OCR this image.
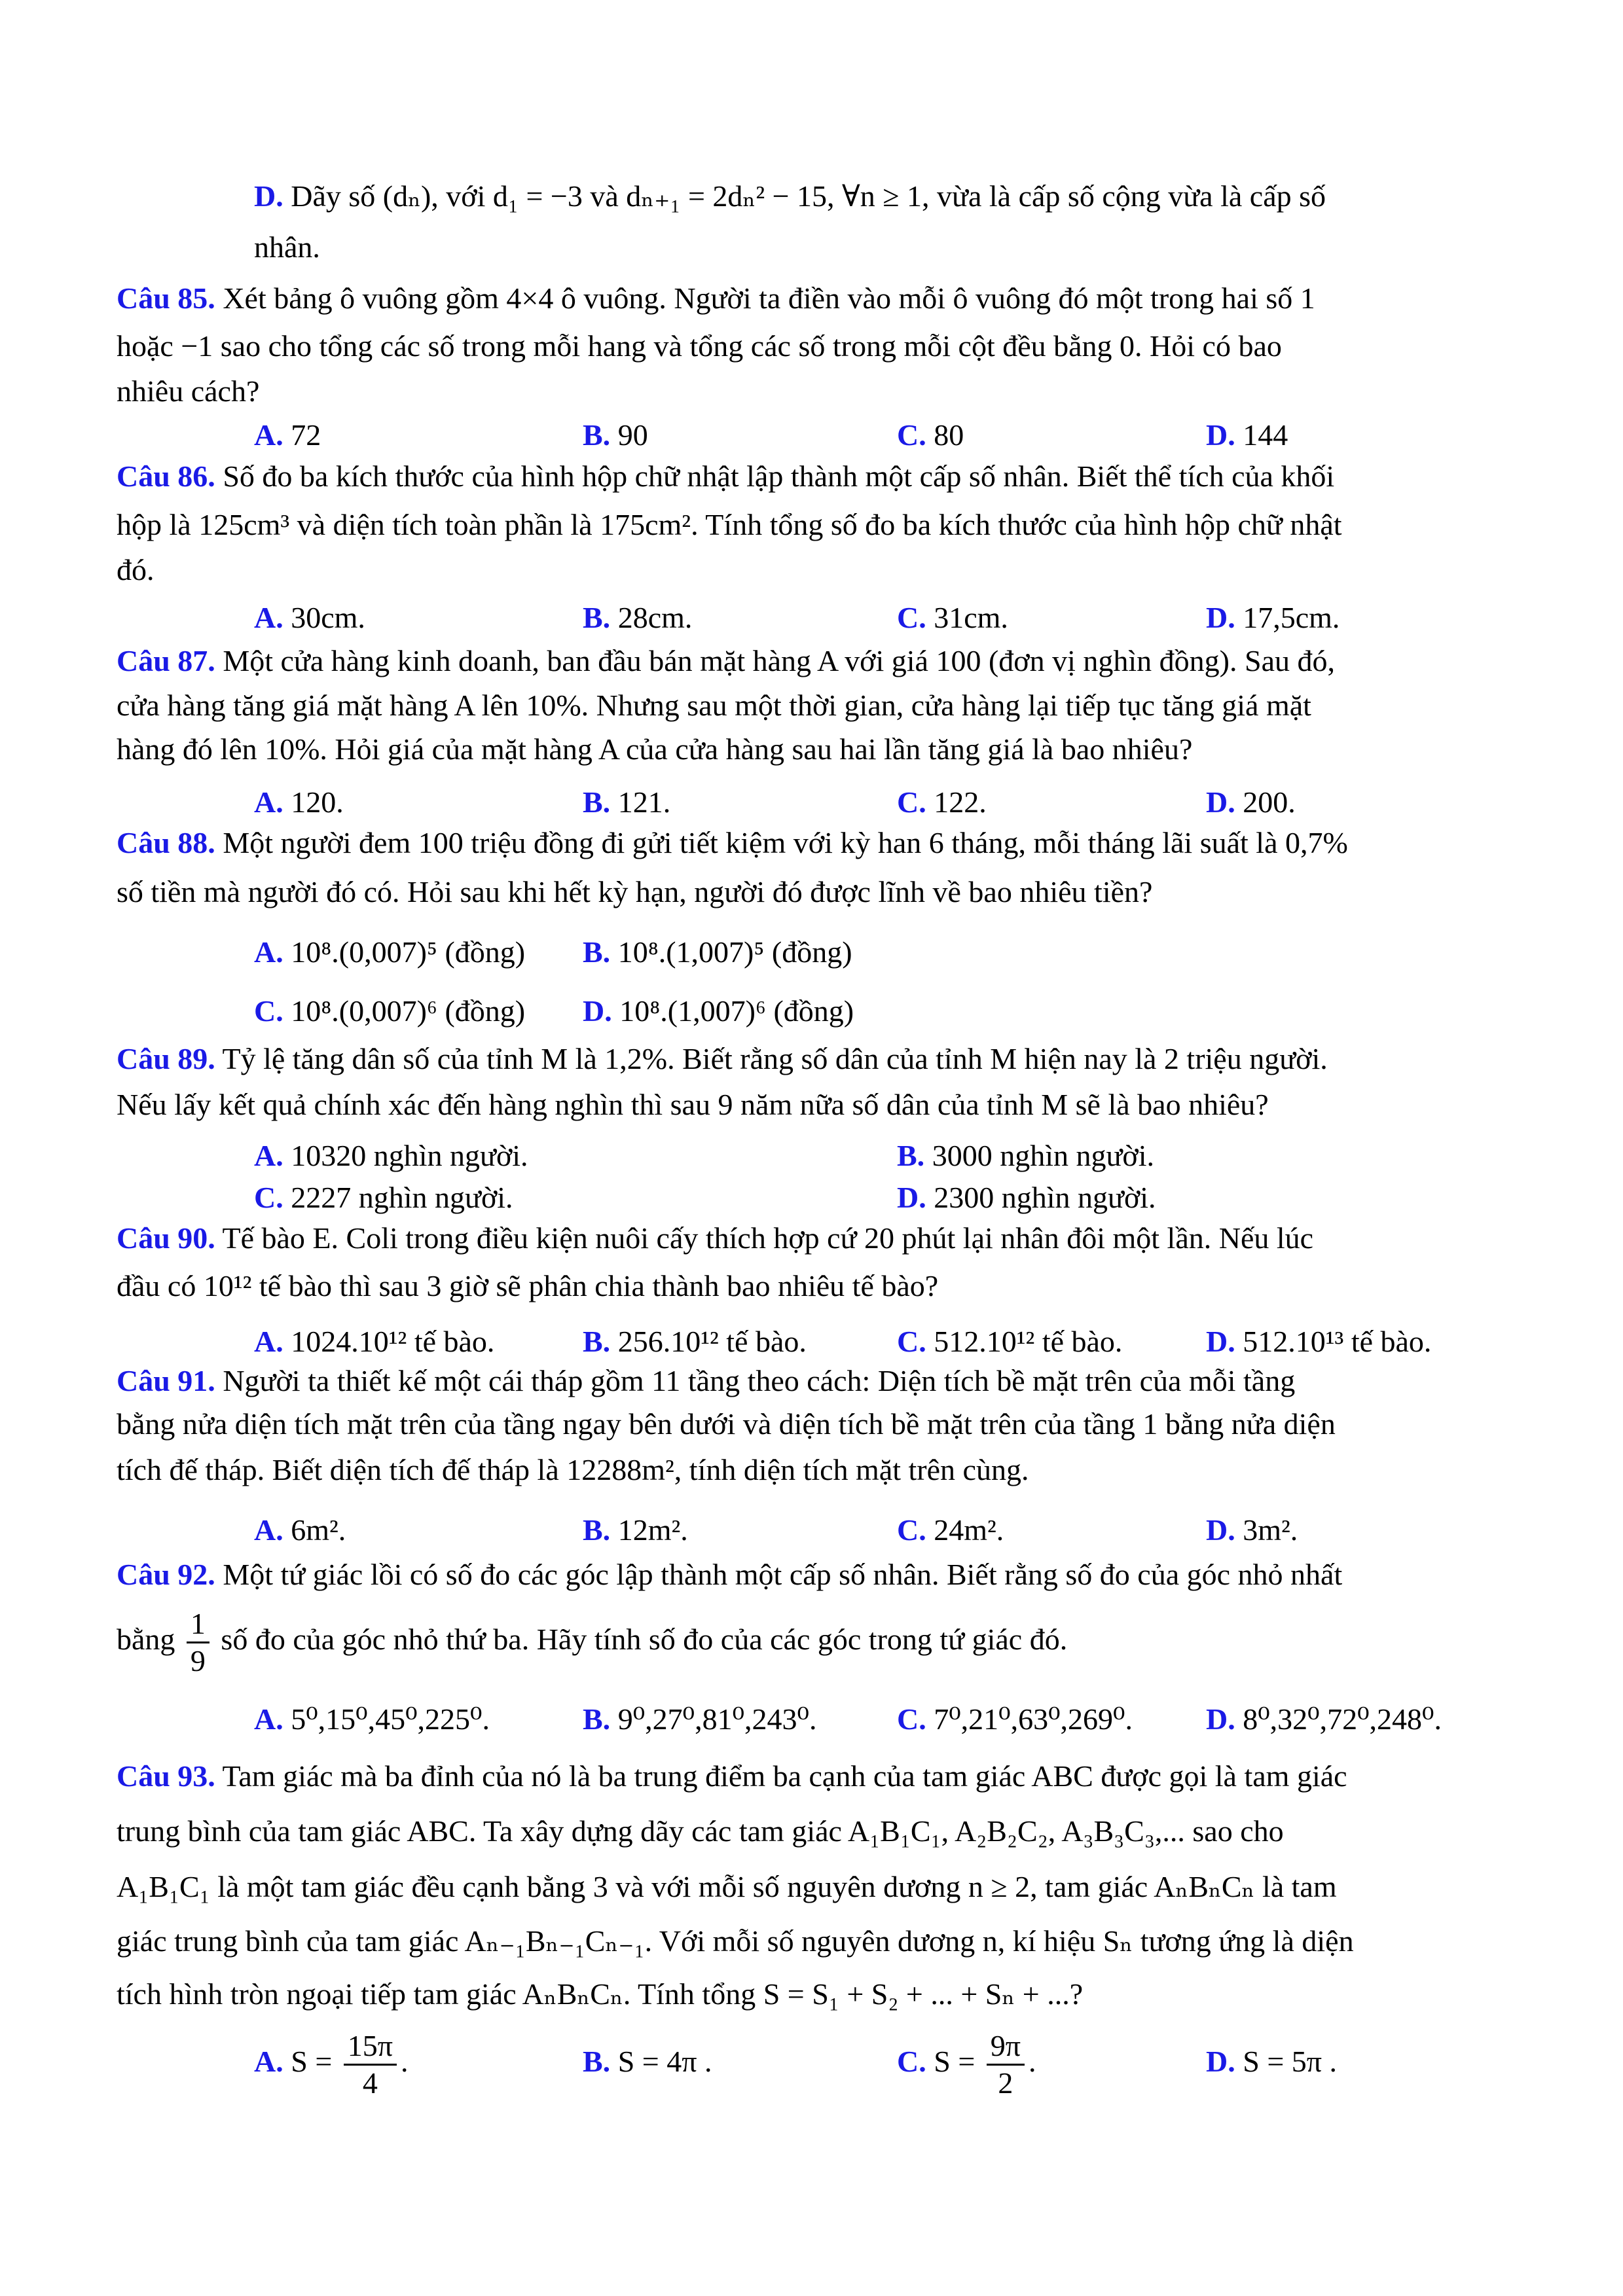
D. Dãy số (dₙ), với d₁ = −3 và dₙ₊₁ = 2dₙ² − 15, ∀n ≥ 1, vừa là cấp số cộng vừa là cấp số
nhân.
Câu 85. Xét bảng ô vuông gồm 4×4 ô vuông. Người ta điền vào mỗi ô vuông đó một trong hai số 1
hoặc −1 sao cho tổng các số trong mỗi hang và tổng các số trong mỗi cột đều bằng 0. Hỏi có bao
nhiêu cách?
A. 72	B. 90	C. 80	D. 144
Câu 86. Số đo ba kích thước của hình hộp chữ nhật lập thành một cấp số nhân. Biết thể tích của khối
hộp là 125cm³ và diện tích toàn phần là 175cm². Tính tổng số đo ba kích thước của hình hộp chữ nhật
đó.
A. 30cm.	B. 28cm.	C. 31cm.	D. 17,5cm.
Câu 87. Một cửa hàng kinh doanh, ban đầu bán mặt hàng A với giá 100 (đơn vị nghìn đồng). Sau đó,
cửa hàng tăng giá mặt hàng A lên 10%. Nhưng sau một thời gian, cửa hàng lại tiếp tục tăng giá mặt
hàng đó lên 10%. Hỏi giá của mặt hàng A của cửa hàng sau hai lần tăng giá là bao nhiêu?
A. 120.	B. 121.	C. 122.	D. 200.
Câu 88. Một người đem 100 triệu đồng đi gửi tiết kiệm với kỳ han 6 tháng, mỗi tháng lãi suất là 0,7%
số tiền mà người đó có. Hỏi sau khi hết kỳ hạn, người đó được lĩnh về bao nhiêu tiền?
A. 10⁸.(0,007)⁵ (đồng) B. 10⁸.(1,007)⁵ (đồng)
C. 10⁸.(0,007)⁶ (đồng) D. 10⁸.(1,007)⁶ (đồng)
Câu 89. Tỷ lệ tăng dân số của tỉnh M là 1,2%. Biết rằng số dân của tỉnh M hiện nay là 2 triệu người.
Nếu lấy kết quả chính xác đến hàng nghìn thì sau 9 năm nữa số dân của tỉnh M sẽ là bao nhiêu?
A. 10320 nghìn người.	B. 3000 nghìn người.
C. 2227 nghìn người.	D. 2300 nghìn người.
Câu 90. Tế bào E. Coli trong điều kiện nuôi cấy thích hợp cứ 20 phút lại nhân đôi một lần. Nếu lúc
đầu có 10¹² tế bào thì sau 3 giờ sẽ phân chia thành bao nhiêu tế bào?
A. 1024.10¹² tế bào.	B. 256.10¹² tế bào.	C. 512.10¹² tế bào.	D. 512.10¹³ tế bào.
Câu 91. Người ta thiết kế một cái tháp gồm 11 tầng theo cách: Diện tích bề mặt trên của mỗi tầng
bằng nửa diện tích mặt trên của tầng ngay bên dưới và diện tích bề mặt trên của tầng 1 bằng nửa diện
tích đế tháp. Biết diện tích đế tháp là 12288m², tính diện tích mặt trên cùng.
A. 6m².	B. 12m².	C. 24m².	D. 3m².
Câu 92. Một tứ giác lồi có số đo các góc lập thành một cấp số nhân. Biết rằng số đo của góc nhỏ nhất
bằng $\frac{1}{9}$ số đo của góc nhỏ thứ ba. Hãy tính số đo của các góc trong tứ giác đó.
A. 5⁰,15⁰,45⁰,225⁰.	B. 9⁰,27⁰,81⁰,243⁰.	C. 7⁰,21⁰,63⁰,269⁰. D. 8⁰,32⁰,72⁰,248⁰.
Câu 93. Tam giác mà ba đỉnh của nó là ba trung điểm ba cạnh của tam giác ABC được gọi là tam giác
trung bình của tam giác ABC. Ta xây dựng dãy các tam giác A₁B₁C₁, A₂B₂C₂, A₃B₃C₃,... sao cho
A₁B₁C₁ là một tam giác đều cạnh bằng 3 và với mỗi số nguyên dương n ≥ 2, tam giác AₙBₙCₙ là tam
giác trung bình của tam giác Aₙ₋₁Bₙ₋₁Cₙ₋₁. Với mỗi số nguyên dương n, kí hiệu Sₙ tương ứng là diện
tích hình tròn ngoại tiếp tam giác AₙBₙCₙ. Tính tổng S = S₁ + S₂ + ... + Sₙ + ...?
A. $S = \frac{15\pi}{4}$ .	B. S = 4π .	C. $S = \frac{9\pi}{2}$ .	D. S = 5π .
